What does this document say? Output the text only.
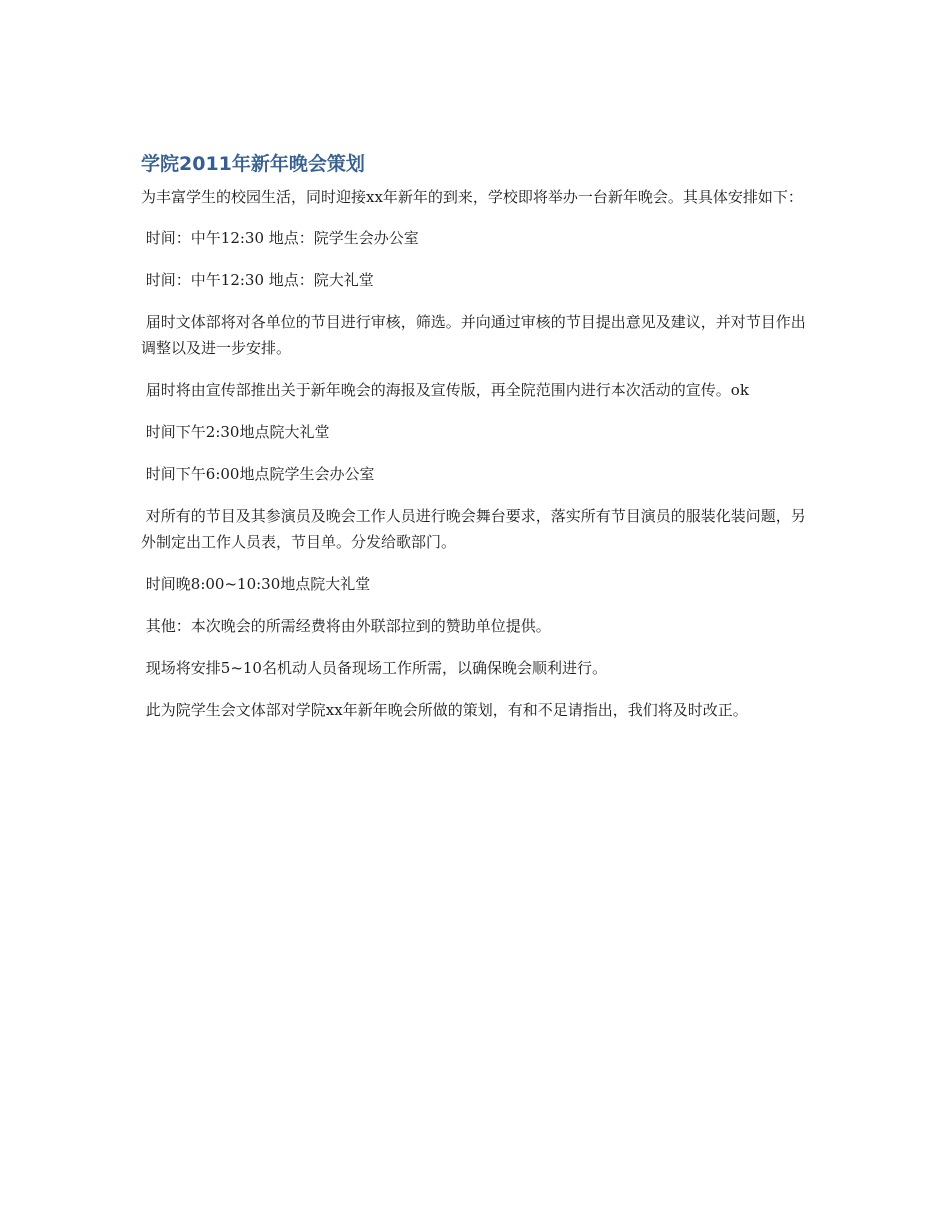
学院2011年新年晚会策划

为丰富学生的校园生活，同时迎接xx年新年的到来，学校即将举办一台新年晚会。其具体安排如下：

时间：中午12:30 地点：院学生会办公室

时间：中午12:30 地点：院大礼堂

届时文体部将对各单位的节目进行审核，筛选。并向通过审核的节目提出意见及建议，并对节目作出调整以及进一步安排。

届时将由宣传部推出关于新年晚会的海报及宣传版，再全院范围内进行本次活动的宣传。ok

时间下午2:30地点院大礼堂

时间下午6:00地点院学生会办公室

对所有的节目及其参演员及晚会工作人员进行晚会舞台要求，落实所有节目演员的服装化装问题，另外制定出工作人员表，节目单。分发给歌部门。

时间晚8:00~10:30地点院大礼堂

其他：本次晚会的所需经费将由外联部拉到的赞助单位提供。

现场将安排5~10名机动人员备现场工作所需，以确保晚会顺利进行。

此为院学生会文体部对学院xx年新年晚会所做的策划，有和不足请指出，我们将及时改正。
